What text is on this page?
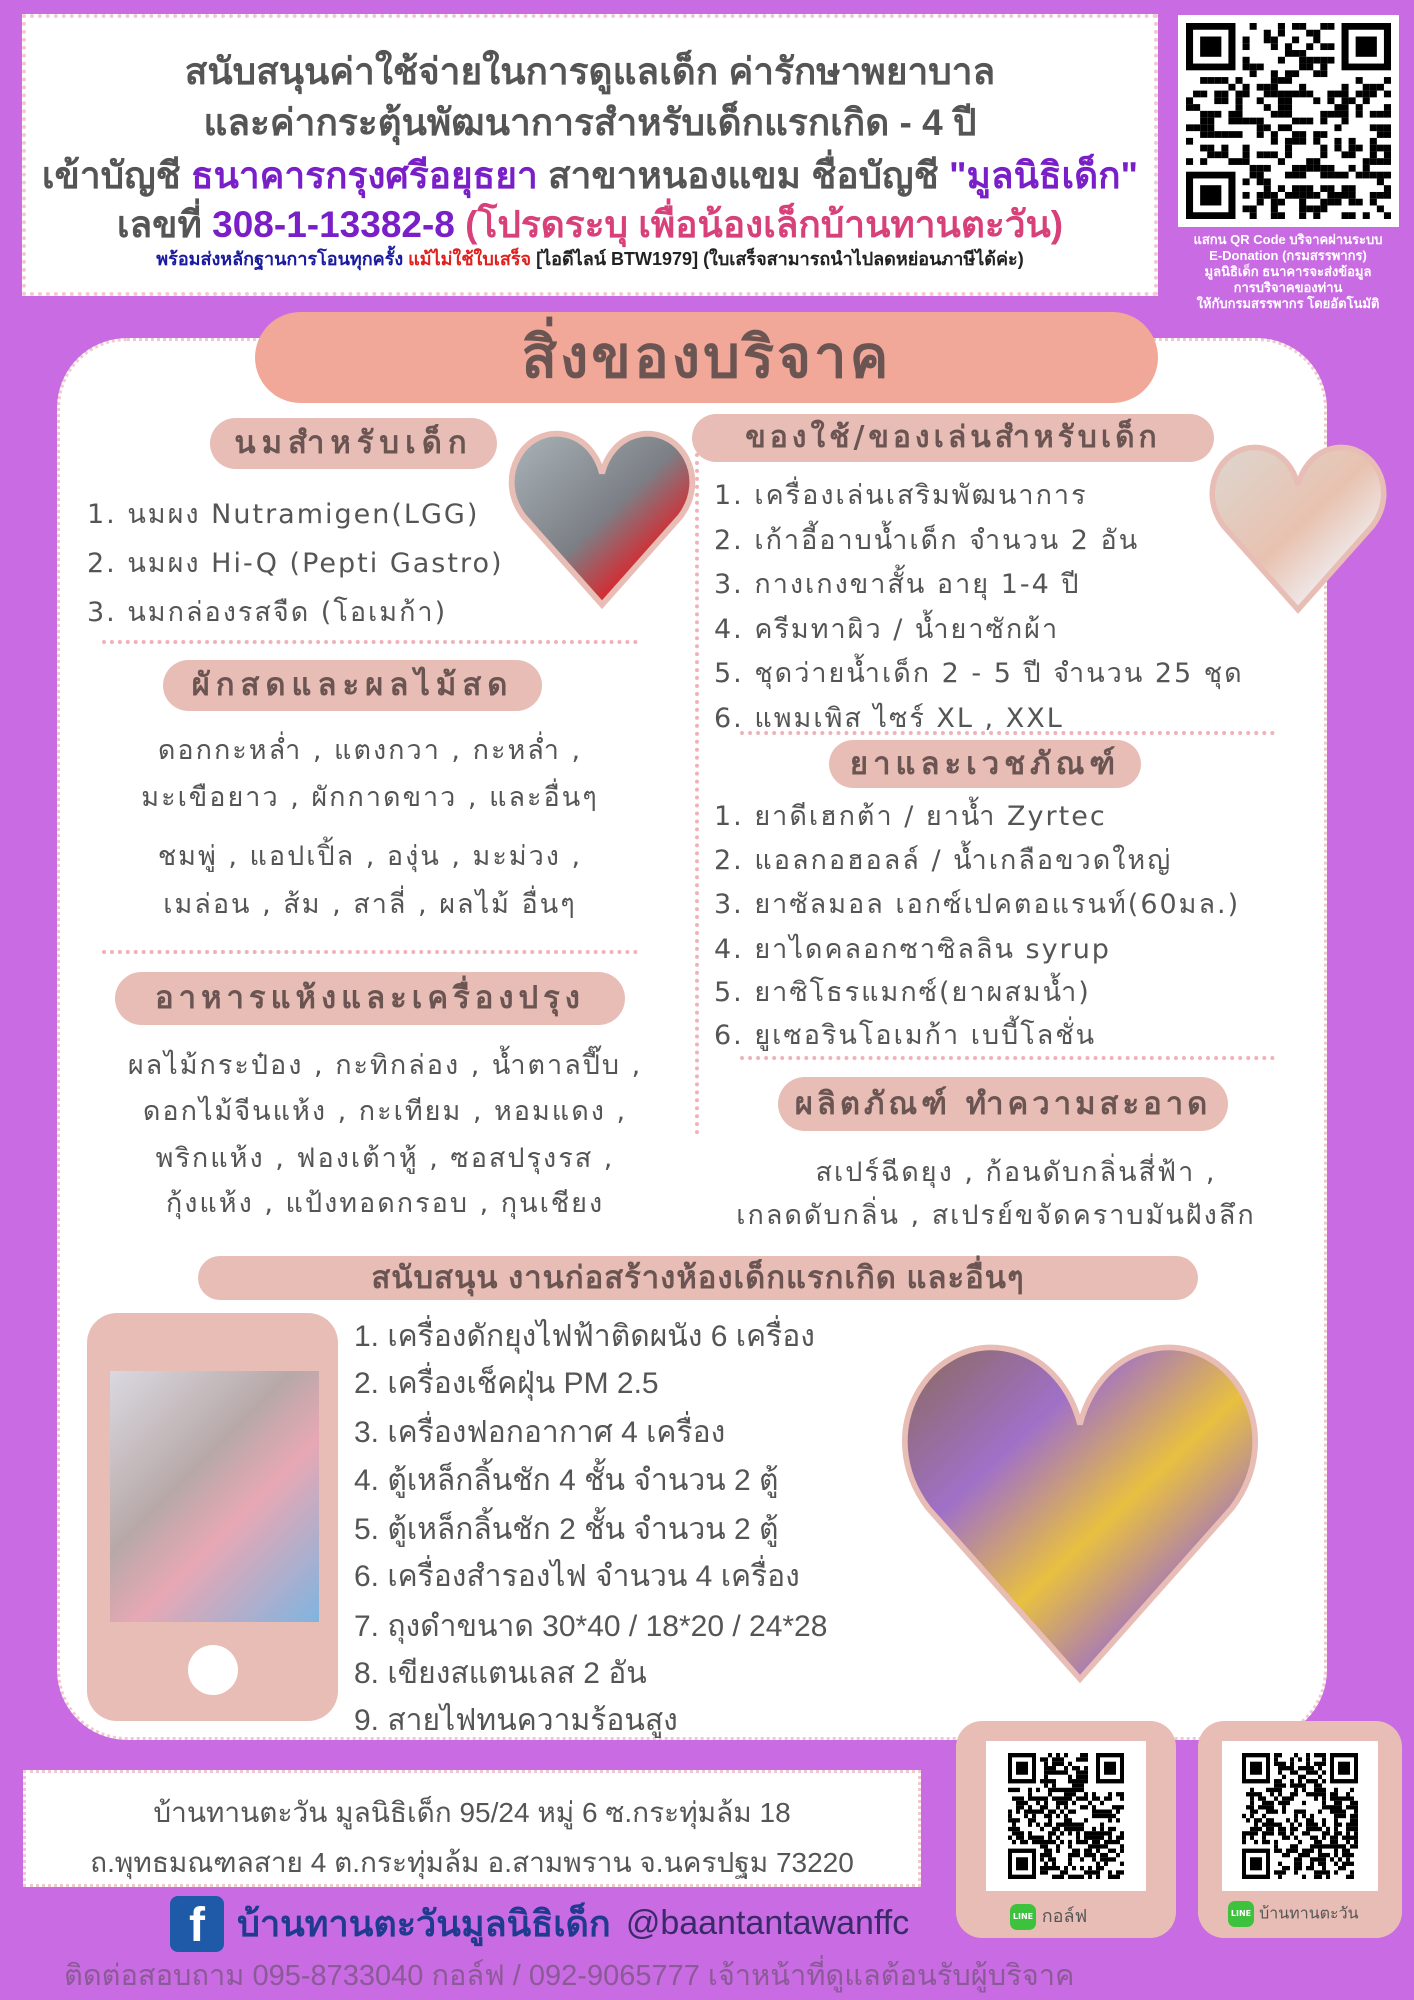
สนับสนุนค่าใช้จ่ายในการดูแลเด็ก ค่ารักษาพยาบาล
และค่ากระตุ้นพัฒนาการสำหรับเด็กแรกเกิด - 4 ปี
เข้าบัญชี ธนาคารกรุงศรีอยุธยา สาขาหนองแขม ชื่อบัญชี "มูลนิธิเด็ก"
เลขที่ 308-1-13382-8 (โปรดระบุ เพื่อน้องเล็กบ้านทานตะวัน)
พร้อมส่งหลักฐานการโอนทุกครั้ง แม้ไม่ใช้ใบเสร็จ [ไอดีไลน์ BTW1979] (ใบเสร็จสามารถนำไปลดหย่อนภาษีได้ค่ะ)
แสกน QR Code บริจาคผ่านระบบ
E-Donation (กรมสรรพากร)
มูลนิธิเด็ก ธนาคารจะส่งข้อมูล
การบริจาคของท่าน
ให้กับกรมสรรพากร โดยอัตโนมัติ
สิ่งของบริจาค
นมสำหรับเด็ก
1. นมผง Nutramigen(LGG)
2. นมผง Hi-Q (Pepti Gastro)
3. นมกล่องรสจืด (โอเมก้า)
ผักสดและผลไม้สด
ดอกกะหล่ำ , แตงกวา , กะหล่ำ ,
มะเขือยาว , ผักกาดขาว , และอื่นๆ
ชมพู่ , แอปเปิ้ล , องุ่น , มะม่วง ,
เมล่อน , ส้ม , สาลี่ , ผลไม้ อื่นๆ
อาหารแห้งและเครื่องปรุง
ผลไม้กระป๋อง , กะทิกล่อง , น้ำตาลปี๊บ ,
ดอกไม้จีนแห้ง , กะเทียม , หอมแดง ,
พริกแห้ง , ฟองเต้าหู้ , ซอสปรุงรส ,
กุ้งแห้ง , แป้งทอดกรอบ , กุนเชียง
ของใช้/ของเล่นสำหรับเด็ก
1. เครื่องเล่นเสริมพัฒนาการ
2. เก้าอี้อาบน้ำเด็ก จำนวน 2 อัน
3. กางเกงขาสั้น อายุ 1-4 ปี
4. ครีมทาผิว / น้ำยาซักผ้า
5. ชุดว่ายน้ำเด็ก 2 - 5 ปี จำนวน 25 ชุด
6. แพมเพิส ไซร์ XL , XXL
ยาและเวชภัณฑ์
1. ยาดีเฮกต้า / ยาน้ำ Zyrtec
2. แอลกอฮอลล์ / น้ำเกลือขวดใหญ่
3. ยาซัลมอล เอกซ์เปคตอแรนท์(60มล.)
4. ยาไดคลอกซาซิลลิน syrup
5. ยาซิโธรแมกซ์(ยาผสมน้ำ)
6. ยูเซอรินโอเมก้า เบบี้โลชั่น
ผลิตภัณฑ์ ทำความสะอาด
สเปร์ฉีดยุง , ก้อนดับกลิ่นสี่ฟ้า ,
เกลดดับกลิ่น , สเปรย์ขจัดคราบมันฝังลึก
สนับสนุน งานก่อสร้างห้องเด็กแรกเกิด และอื่นๆ
1. เครื่องดักยุงไฟฟ้าติดผนัง 6 เครื่อง
2. เครื่องเช็คฝุ่น PM 2.5
3. เครื่องฟอกอากาศ 4 เครื่อง
4. ตู้เหล็กลิ้นชัก 4 ชั้น จำนวน 2 ตู้
5. ตู้เหล็กลิ้นชัก 2 ชั้น จำนวน 2 ตู้
6. เครื่องสำรองไฟ จำนวน 4 เครื่อง
7. ถุงดำขนาด 30*40 / 18*20 / 24*28
8. เขียงสแตนเลส 2 อัน
9. สายไฟทนความร้อนสูง
บ้านทานตะวัน มูลนิธิเด็ก 95/24 หมู่ 6 ซ.กระทุ่มล้ม 18
ถ.พุทธมณฑลสาย 4 ต.กระทุ่มล้ม อ.สามพราน จ.นครปฐม 73220
LINE กอล์ฟ	LINE บ้านทานตะวัน
f บ้านทานตะวันมูลนิธิเด็ก @baantantawanffc
ติดต่อสอบถาม 095-8733040 กอล์ฟ / 092-9065777 เจ้าหน้าที่ดูแลต้อนรับผู้บริจาค
